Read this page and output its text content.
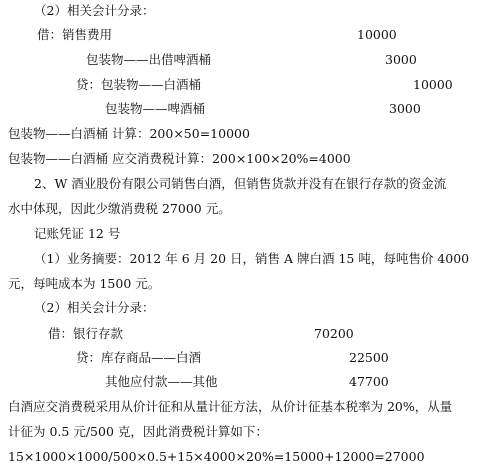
（2）相关会计分录：
借：销售费用	10000
包装物——出借啤酒桶	3000
贷：包装物——白酒桶	10000
包装物——啤酒桶	3000
包装物——白酒桶 计算：200×50=10000
包装物——白酒桶 应交消费税计算：200×100×20%=4000
2、W 酒业股份有限公司销售白酒，但销售货款并没有在银行存款的资金流
水中体现，因此少缴消费税 27000 元。
记账凭证 12 号
（1）业务摘要：2012 年 6 月 20 日，销售 A 牌白酒 15 吨，每吨售价 4000
元，每吨成本为 1500 元。
（2）相关会计分录：
借：银行存款	70200
贷：库存商品——白酒	22500
其他应付款——其他	47700
白酒应交消费税采用从价计征和从量计征方法，从价计征基本税率为 20%，从量
计征为 0.5 元/500 克，因此消费税计算如下：
15×1000×1000/500×0.5+15×4000×20%=15000+12000=27000
